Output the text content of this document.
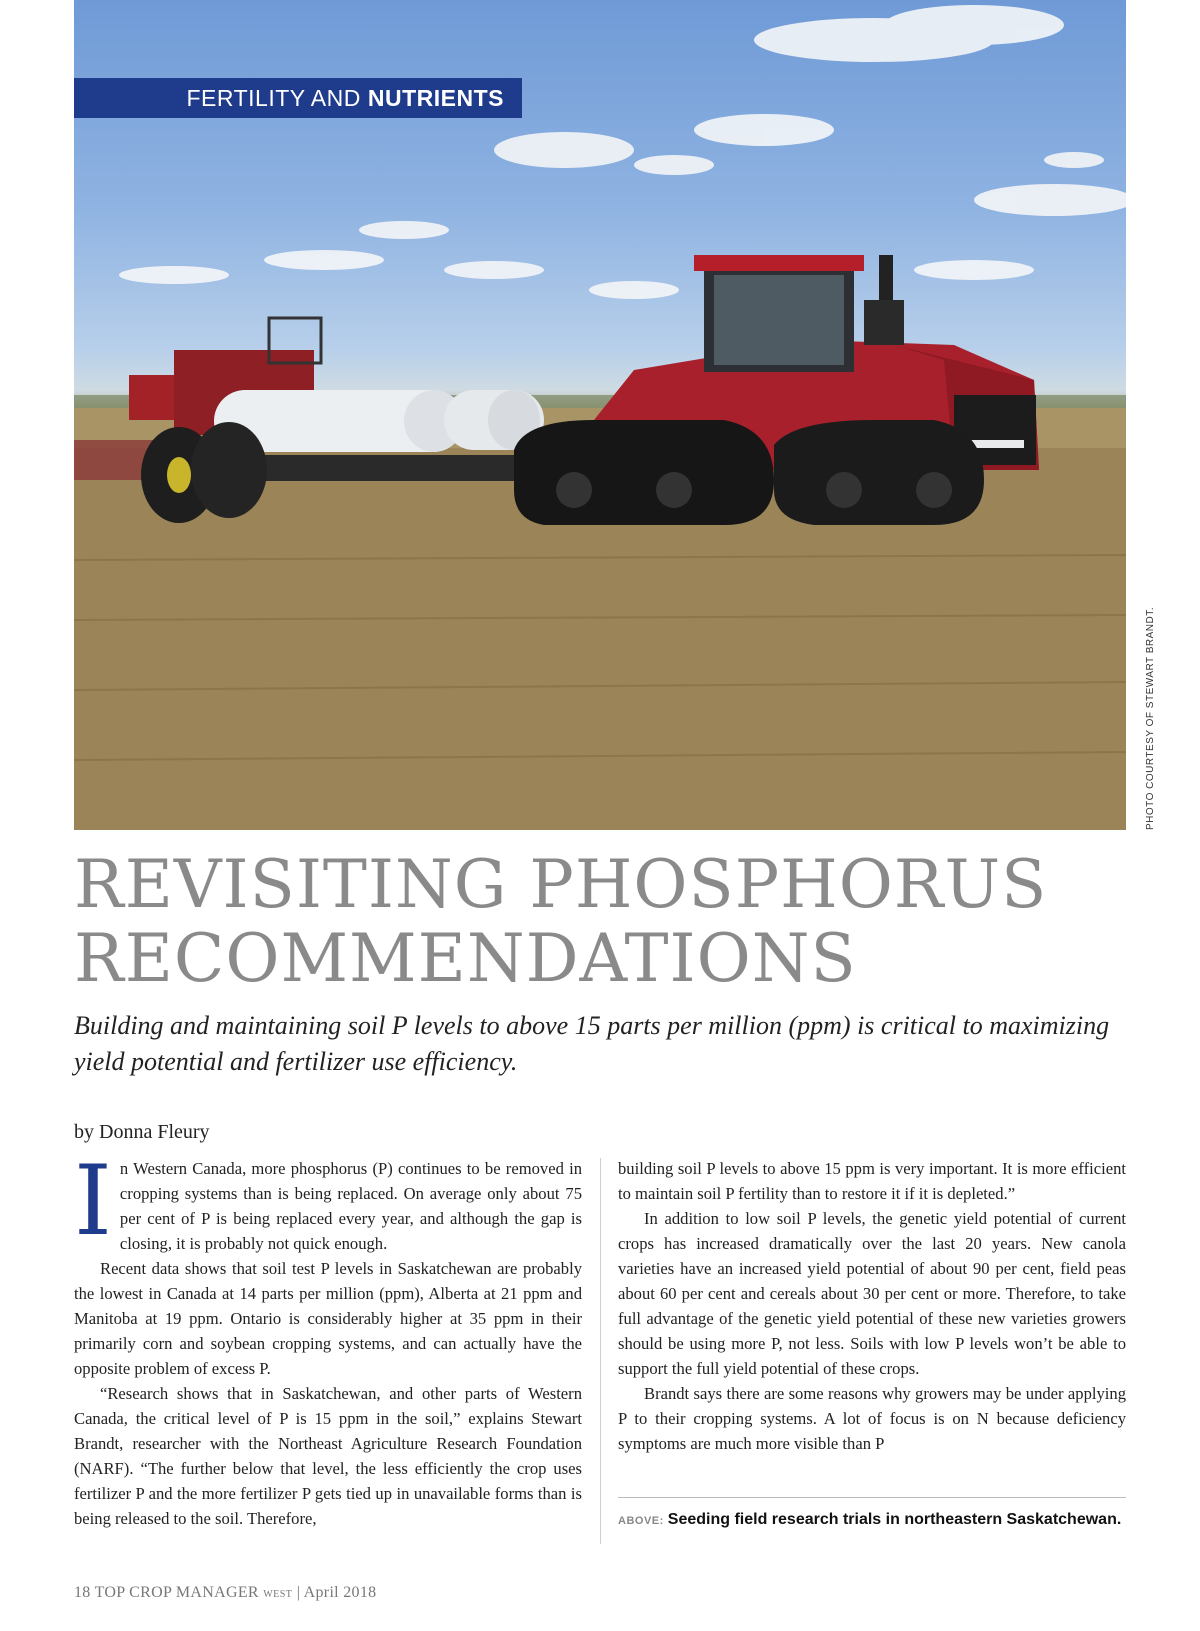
FERTILITY AND NUTRIENTS
PHOTO COURTESY OF STEWART BRANDT.
REVISITING PHOSPHORUS
RECOMMENDATIONS
Building and maintaining soil P levels to above 15 parts per million (ppm) is critical to maximizing yield potential and fertilizer use efficiency.
by Donna Fleury

In Western Canada, more phosphorus (P) continues to be removed in cropping systems than is being replaced. On average only about 75 per cent of P is being replaced every year, and although the gap is closing, it is probably not quick enough.

Recent data shows that soil test P levels in Saskatchewan are probably the lowest in Canada at 14 parts per million (ppm), Alberta at 21 ppm and Manitoba at 19 ppm. Ontario is considerably higher at 35 ppm in their primarily corn and soybean cropping systems, and can actually have the opposite problem of excess P.

“Research shows that in Saskatchewan, and other parts of Western Canada, the critical level of P is 15 ppm in the soil,” explains Stewart Brandt, researcher with the Northeast Agriculture Research Foundation (NARF). “The further below that level, the less efficiently the crop uses fertilizer P and the more fertilizer P gets tied up in unavailable forms than is being released to the soil. Therefore,

building soil P levels to above 15 ppm is very important. It is more efficient to maintain soil P fertility than to restore it if it is depleted.”

In addition to low soil P levels, the genetic yield potential of current crops has increased dramatically over the last 20 years. New canola varieties have an increased yield potential of about 90 per cent, field peas about 60 per cent and cereals about 30 per cent or more. Therefore, to take full advantage of the genetic yield potential of these new varieties growers should be using more P, not less. Soils with low P levels won’t be able to support the full yield potential of these crops.

Brandt says there are some reasons why growers may be under applying P to their cropping systems. A lot of focus is on N because deficiency symptoms are much more visible than P

ABOVE: Seeding field research trials in northeastern Saskatchewan.
18 TOP CROP MANAGER WEST | April 2018
